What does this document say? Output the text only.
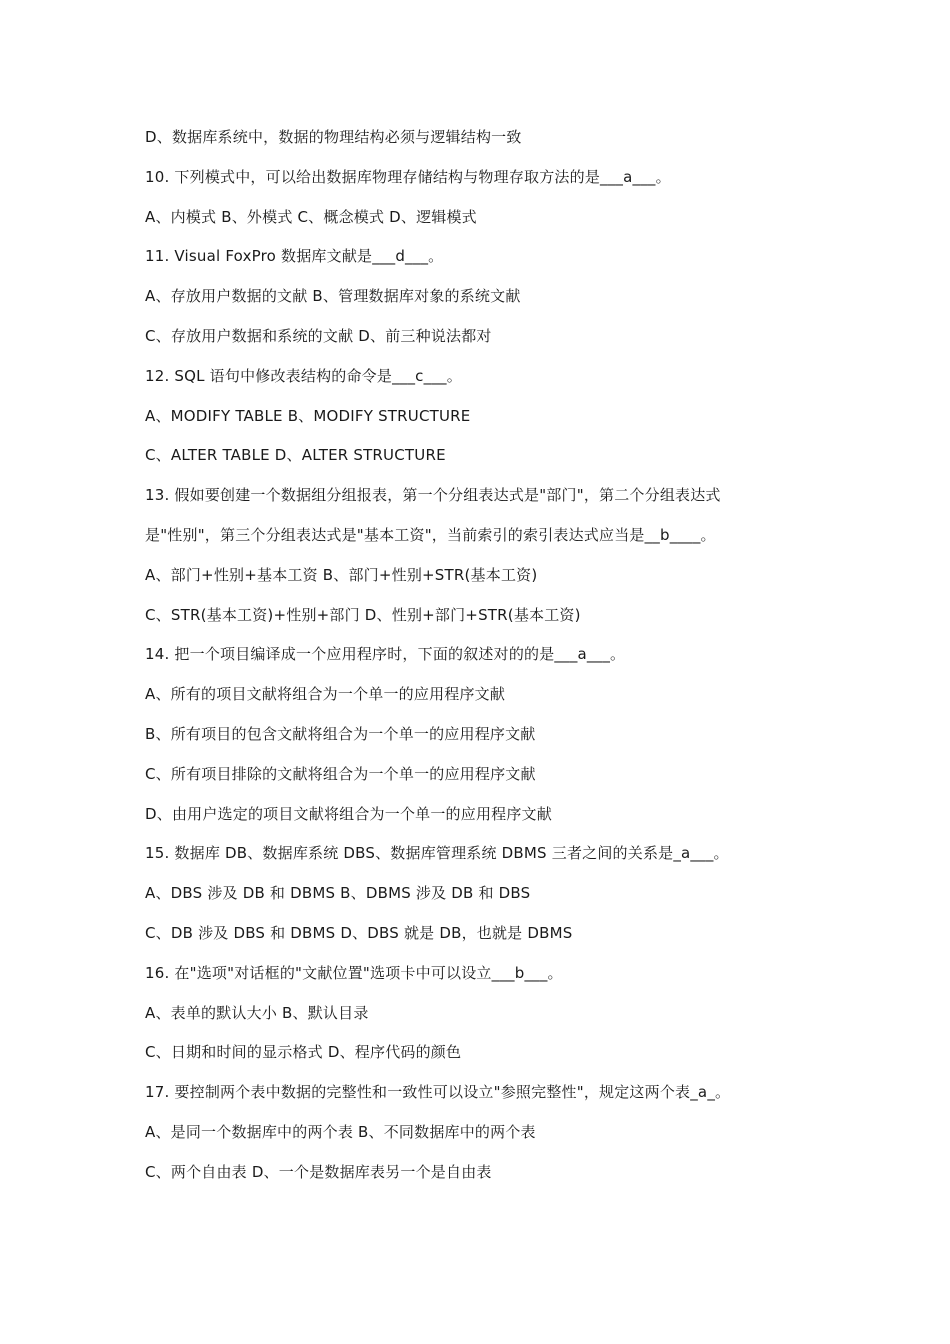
D、数据库系统中，数据的物理结构必须与逻辑结构一致
10. 下列模式中，可以给出数据库物理存储结构与物理存取方法的是___a___。
A、内模式 B、外模式 C、概念模式 D、逻辑模式
11. Visual FoxPro 数据库文献是___d___。
A、存放用户数据的文献 B、管理数据库对象的系统文献
C、存放用户数据和系统的文献 D、前三种说法都对
12. SQL 语句中修改表结构的命令是___c___。
A、MODIFY TABLE B、MODIFY STRUCTURE
C、ALTER TABLE D、ALTER STRUCTURE
13. 假如要创建一个数据组分组报表，第一个分组表达式是"部门"，第二个分组表达式
是"性别"，第三个分组表达式是"基本工资"，当前索引的索引表达式应当是__b____。
A、部门+性别+基本工资 B、部门+性别+STR(基本工资)
C、STR(基本工资)+性别+部门 D、性别+部门+STR(基本工资)
14. 把一个项目编译成一个应用程序时，下面的叙述对的的是___a___。
A、所有的项目文献将组合为一个单一的应用程序文献
B、所有项目的包含文献将组合为一个单一的应用程序文献
C、所有项目排除的文献将组合为一个单一的应用程序文献
D、由用户选定的项目文献将组合为一个单一的应用程序文献
15. 数据库 DB、数据库系统 DBS、数据库管理系统 DBMS 三者之间的关系是_a___。
A、DBS 涉及 DB 和 DBMS B、DBMS 涉及 DB 和 DBS
C、DB 涉及 DBS 和 DBMS D、DBS 就是 DB，也就是 DBMS
16. 在"选项"对话框的"文献位置"选项卡中可以设立___b___。
A、表单的默认大小 B、默认目录
C、日期和时间的显示格式 D、程序代码的颜色
17. 要控制两个表中数据的完整性和一致性可以设立"参照完整性"，规定这两个表_a_。
A、是同一个数据库中的两个表 B、不同数据库中的两个表
C、两个自由表 D、一个是数据库表另一个是自由表
